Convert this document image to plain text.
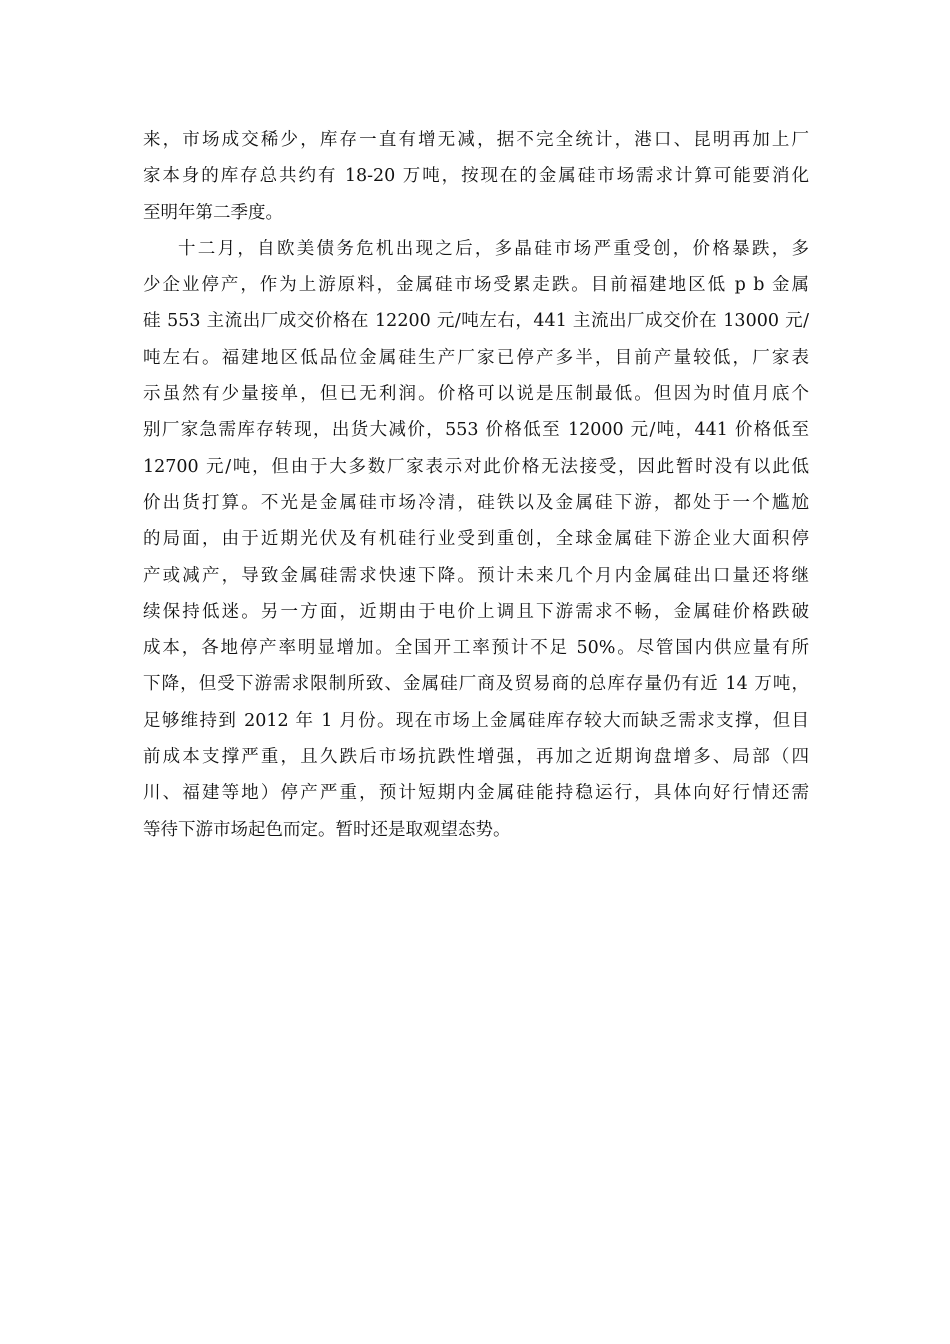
来，市场成交稀少，库存一直有增无减，据不完全统计，港口、昆明再加上厂
家本身的库存总共约有 18-20 万吨，按现在的金属硅市场需求计算可能要消化
至明年第二季度。
十二月，自欧美债务危机出现之后，多晶硅市场严重受创，价格暴跌，多
少企业停产，作为上游原料，金属硅市场受累走跌。目前福建地区低 p b 金属
硅 553 主流出厂成交价格在 12200 元/吨左右，441 主流出厂成交价在 13000 元/
吨左右。福建地区低品位金属硅生产厂家已停产多半，目前产量较低，厂家表
示虽然有少量接单，但已无利润。价格可以说是压制最低。但因为时值月底个
别厂家急需库存转现，出货大减价，553 价格低至 12000 元/吨，441 价格低至
12700 元/吨，但由于大多数厂家表示对此价格无法接受，因此暂时没有以此低
价出货打算。不光是金属硅市场冷清，硅铁以及金属硅下游，都处于一个尴尬
的局面，由于近期光伏及有机硅行业受到重创，全球金属硅下游企业大面积停
产或减产，导致金属硅需求快速下降。预计未来几个月内金属硅出口量还将继
续保持低迷。另一方面，近期由于电价上调且下游需求不畅，金属硅价格跌破
成本，各地停产率明显增加。全国开工率预计不足 50%。尽管国内供应量有所
下降，但受下游需求限制所致、金属硅厂商及贸易商的总库存量仍有近 14 万吨，
足够维持到 2012 年 1 月份。现在市场上金属硅库存较大而缺乏需求支撑，但目
前成本支撑严重，且久跌后市场抗跌性增强，再加之近期询盘增多、局部（四
川、福建等地）停产严重，预计短期内金属硅能持稳运行，具体向好行情还需
等待下游市场起色而定。暂时还是取观望态势。
